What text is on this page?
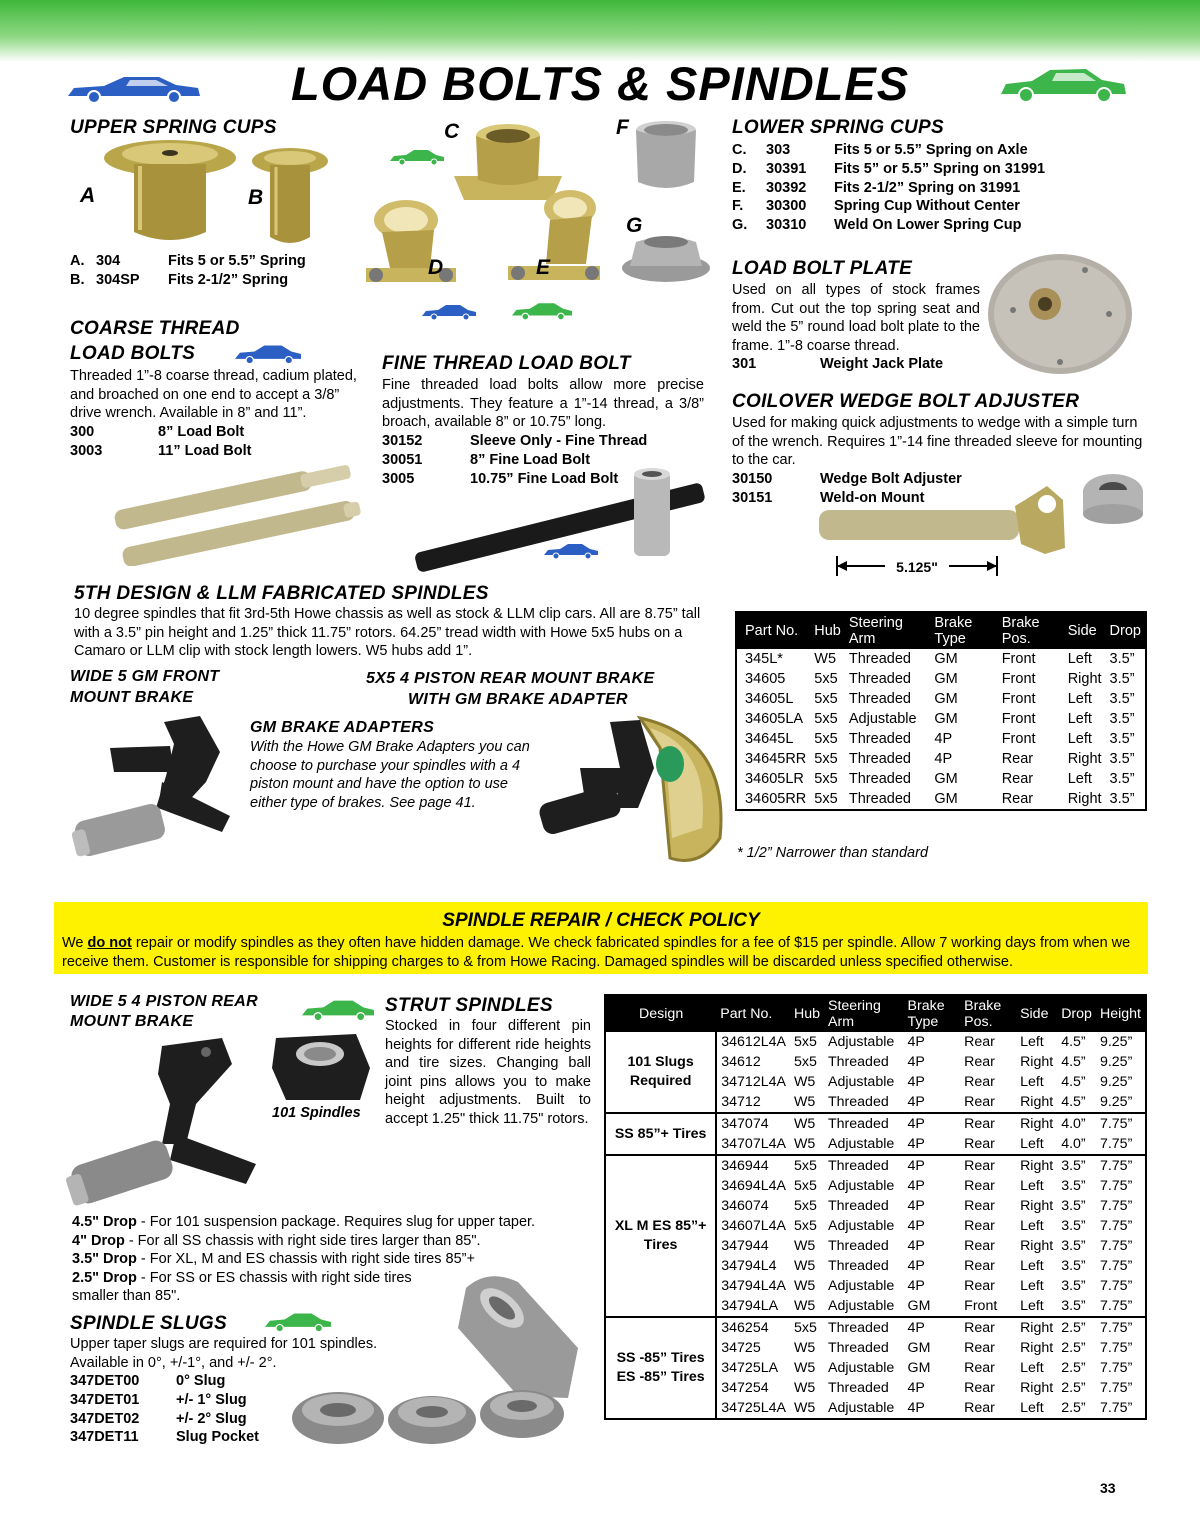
LOAD BOLTS & SPINDLES
UPPER SPRING CUPS
A	B
A. 304	Fits 5 or 5.5” Spring
B. 304SP	Fits 2-1/2” Spring
C	F
D	E
G
LOWER SPRING CUPS
C.	303	Fits 5 or 5.5” Spring on Axle
D.	30391	Fits 5” or 5.5” Spring on 31991
E.	30392	Fits 2-1/2” Spring on 31991
F.	30300	Spring Cup Without Center
G.	30310	Weld On Lower Spring Cup
LOAD BOLT PLATE
Used on all types of stock frames from. Cut out the top spring seat and weld the 5” round load bolt plate to the frame. 1”-8 coarse thread.
301	Weight Jack Plate
COARSE THREAD
LOAD BOLTS
Threaded 1”-8 coarse thread, cadium plated, and broached on one end to accept a 3/8” drive wrench. Available in 8” and 11”.
300	8” Load Bolt
3003	11” Load Bolt
FINE THREAD LOAD BOLT
Fine threaded load bolts allow more precise adjustments. They feature a 1”-14 thread, a 3/8” broach, available 8” or 10.75” long.
30152	Sleeve Only - Fine Thread
30051	8” Fine Load Bolt
3005	10.75” Fine Load Bolt
COILOVER WEDGE BOLT ADJUSTER
Used for making quick adjustments to wedge with a simple turn of the wrench. Requires 1”-14 fine threaded sleeve for mounting to the car.
30150	Wedge Bolt Adjuster
30151	Weld-on Mount
5.125"
5TH DESIGN & LLM FABRICATED SPINDLES
10 degree spindles that fit 3rd-5th Howe chassis as well as stock & LLM clip cars. All are 8.75” tall with a 3.5” pin height and 1.25” thick 11.75” rotors. 64.25” tread width with Howe 5x5 hubs on a Camaro or LLM clip with stock length lowers. W5 hubs add 1”.
WIDE 5 GM FRONT
MOUNT BRAKE
5X5 4 PISTON REAR MOUNT BRAKE
WITH GM BRAKE ADAPTER
GM BRAKE ADAPTERS
With the Howe GM Brake Adapters you can choose to purchase your spindles with a 4 piston mount and have the option to use either type of brakes. See page 41.
Part No.	Hub	Steering Arm	Brake Type	Brake Pos.	Side	Drop
345L*	W5	Threaded	GM	Front	Left	3.5”
34605	5x5	Threaded	GM	Front	Right	3.5”
34605L	5x5	Threaded	GM	Front	Left	3.5”
34605LA	5x5	Adjustable	GM	Front	Left	3.5”
34645L	5x5	Threaded	4P	Front	Left	3.5”
34645RR	5x5	Threaded	4P	Rear	Right	3.5”
34605LR	5x5	Threaded	GM	Rear	Left	3.5”
34605RR	5x5	Threaded	GM	Rear	Right	3.5”
* 1/2” Narrower than standard
SPINDLE REPAIR / CHECK POLICY
We do not repair or modify spindles as they often have hidden damage. We check fabricated spindles for a fee of $15 per spindle. Allow 7 working days from when we receive them. Customer is responsible for shipping charges to & from Howe Racing. Damaged spindles will be discarded unless specified otherwise.
WIDE 5 4 PISTON REAR
MOUNT BRAKE
101 Spindles
STRUT SPINDLES
Stocked in four different pin heights for different ride heights and tire sizes. Changing ball joint pins allows you to make height adjustments. Built to accept 1.25" thick 11.75" rotors.
4.5" Drop - For 101 suspension package. Requires slug for upper taper.
4" Drop - For all SS chassis with right side tires larger than 85".
3.5" Drop - For XL, M and ES chassis with right side tires 85”+
2.5" Drop - For SS or ES chassis with right side tires
smaller than 85".
Design	Part No.	Hub	Steering Arm	Brake Type	Brake Pos.	Side	Drop	Height
101 Slugs Required	34612L4A	5x5	Adjustable	4P	Rear	Left	4.5”	9.25”
	34612	5x5	Threaded	4P	Rear	Right	4.5”	9.25”
	34712L4A	W5	Adjustable	4P	Rear	Left	4.5”	9.25”
	34712	W5	Threaded	4P	Rear	Right	4.5”	9.25”
SS 85”+ Tires	347074	W5	Threaded	4P	Rear	Right	4.0”	7.75”
	34707L4A	W5	Adjustable	4P	Rear	Left	4.0”	7.75”
XL M ES 85”+ Tires	346944	5x5	Threaded	4P	Rear	Right	3.5”	7.75”
	34694L4A	5x5	Adjustable	4P	Rear	Left	3.5”	7.75”
	346074	5x5	Threaded	4P	Rear	Right	3.5”	7.75”
	34607L4A	5x5	Adjustable	4P	Rear	Left	3.5”	7.75”
	347944	W5	Threaded	4P	Rear	Right	3.5”	7.75”
	34794L4	W5	Threaded	4P	Rear	Left	3.5”	7.75”
	34794L4A	W5	Adjustable	4P	Rear	Left	3.5”	7.75”
	34794LA	W5	Adjustable	GM	Front	Left	3.5”	7.75”
SS -85” Tires ES -85” Tires	346254	5x5	Threaded	4P	Rear	Right	2.5”	7.75”
	34725	W5	Threaded	GM	Rear	Right	2.5”	7.75”
	34725LA	W5	Adjustable	GM	Rear	Left	2.5”	7.75”
	347254	W5	Threaded	4P	Rear	Right	2.5”	7.75”
	34725L4A	W5	Adjustable	4P	Rear	Left	2.5”	7.75”
SPINDLE SLUGS
Upper taper slugs are required for 101 spindles. Available in 0°, +/-1°, and +/- 2°.
347DET00	0° Slug
347DET01	+/- 1° Slug
347DET02	+/- 2° Slug
347DET11	Slug Pocket
33
